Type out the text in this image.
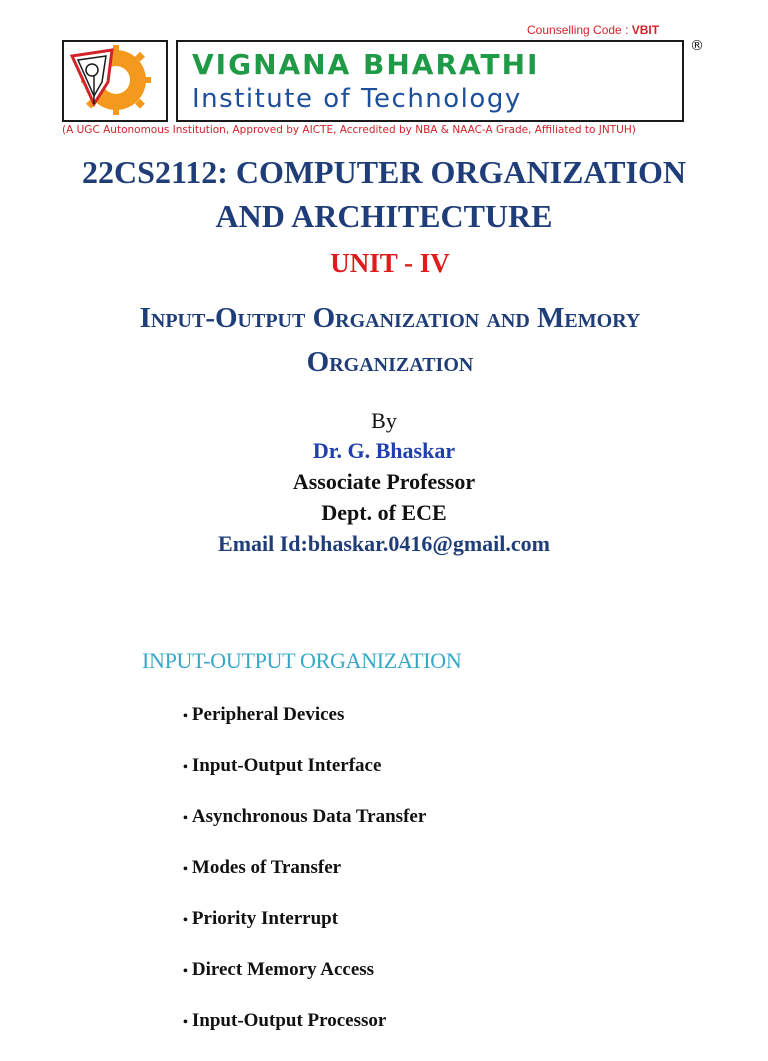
Counselling Code : VBIT
VIGNANA BHARATHI
Institute of Technology
®
(A UGC Autonomous Institution, Approved by AICTE, Accredited by NBA & NAAC-A Grade, Affiliated to JNTUH)
22CS2112: COMPUTER ORGANIZATION
AND ARCHITECTURE
UNIT - IV
Input-Output Organization and Memory
Organization
By
Dr. G. Bhaskar
Associate Professor
Dept. of ECE
Email Id:bhaskar.0416@gmail.com
INPUT-OUTPUT ORGANIZATION
• Peripheral Devices
• Input-Output Interface
• Asynchronous Data Transfer
• Modes of Transfer
• Priority Interrupt
• Direct Memory Access
• Input-Output Processor
